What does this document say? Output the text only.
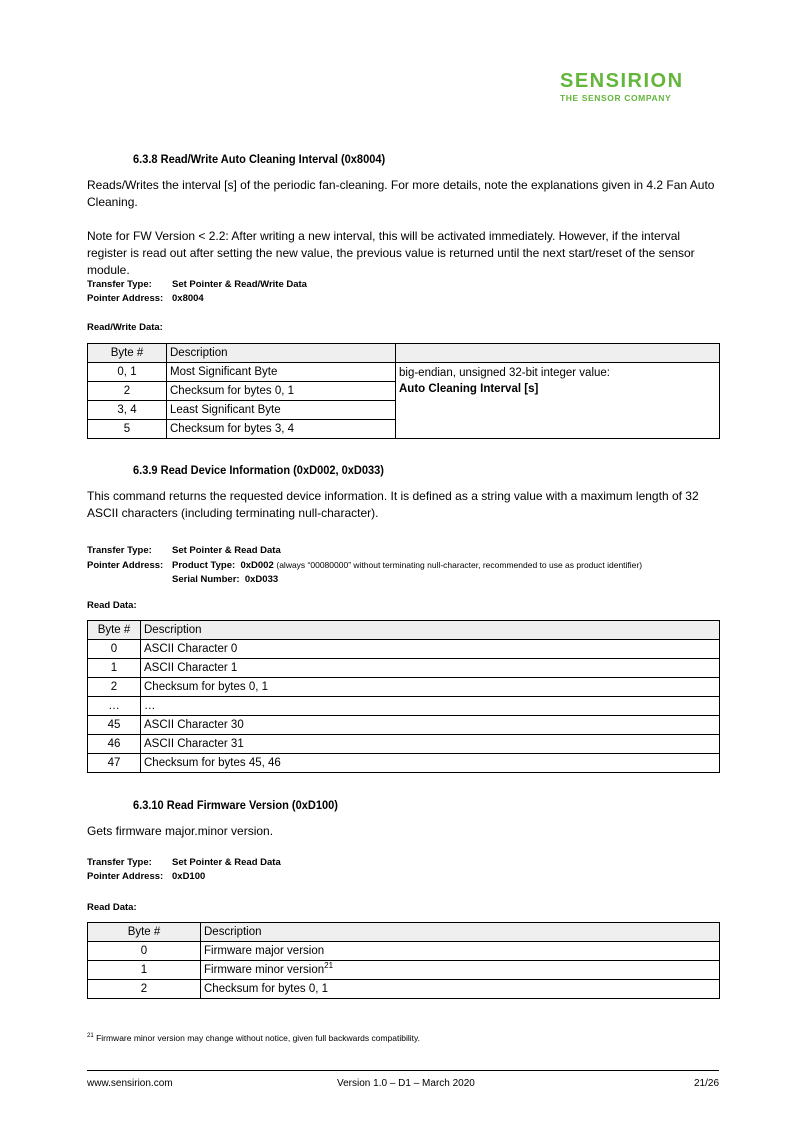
SENSIRION
THE SENSOR COMPANY
6.3.8 Read/Write Auto Cleaning Interval (0x8004)
Reads/Writes the interval [s] of the periodic fan-cleaning. For more details, note the explanations given in 4.2 Fan Auto Cleaning.
Note for FW Version < 2.2: After writing a new interval, this will be activated immediately. However, if the interval register is read out after setting the new value, the previous value is returned until the next start/reset of the sensor module.
Transfer Type: Set Pointer & Read/Write Data
Pointer Address: 0x8004
Read/Write Data:
Byte #	Description	
0, 1	Most Significant Byte	big-endian, unsigned 32-bit integer value:
Auto Cleaning Interval [s]

2	Checksum for bytes 0, 1	
3, 4	Least Significant Byte	
5	Checksum for bytes 3, 4	
6.3.9 Read Device Information (0xD002, 0xD033)
This command returns the requested device information. It is defined as a string value with a maximum length of 32 ASCII characters (including terminating null-character).
Transfer Type: Set Pointer & Read Data
Pointer Address: Product Type: 0xD002 (always “00080000” without terminating null-character, recommended to use as product identifier)
Serial Number: 0xD033
Read Data:
Byte #	Description
0	ASCII Character 0
1	ASCII Character 1
2	Checksum for bytes 0, 1
…	…
45	ASCII Character 30
46	ASCII Character 31
47	Checksum for bytes 45, 46
6.3.10 Read Firmware Version (0xD100)
Gets firmware major.minor version.
Transfer Type: Set Pointer & Read Data
Pointer Address: 0xD100
Read Data:
Byte #	Description
0	Firmware major version
1	Firmware minor version$^{21}$
2	Checksum for bytes 0, 1
$^{21}$ Firmware minor version may change without notice, given full backwards compatibility.
www.sensirion.com	Version 1.0 – D1 – March 2020	21/26
